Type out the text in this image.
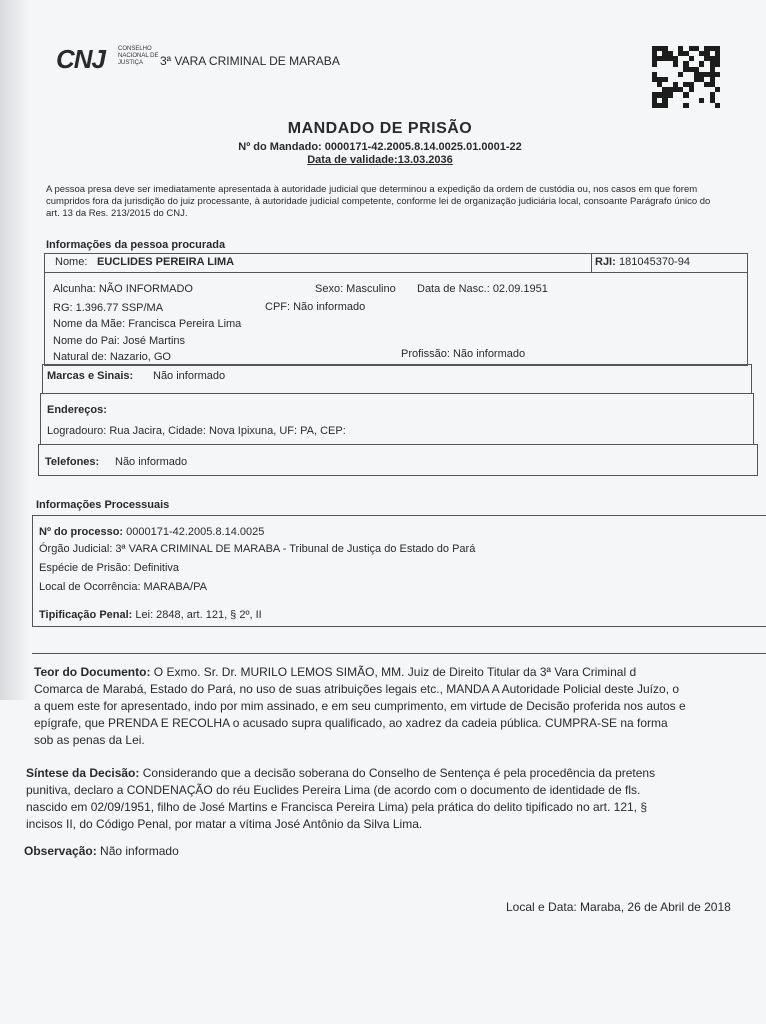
CNJ CONSELHO NACIONAL DE JUSTIÇA	3ª VARA CRIMINAL DE MARABA
MANDADO DE PRISÃO
Nº do Mandado: 0000171-42.2005.8.14.0025.01.0001-22
Data de validade:13.03.2036
A pessoa presa deve ser imediatamente apresentada à autoridade judicial que determinou a expedição da ordem de custódia ou, nos casos em que forem cumpridos fora da jurisdição do juiz processante, à autoridade judicial competente, conforme lei de organização judiciária local, consoante Parágrafo único do art. 13 da Res. 213/2015 do CNJ.
Informações da pessoa procurada
Nome: EUCLIDES PEREIRA LIMA	RJI: 181045370-94
Alcunha: NÃO INFORMADO	Sexo: Masculino Data de Nasc.: 02.09.1951
RG: 1.396.77 SSP/MA	CPF: Não informado
Nome da Mãe: Francisca Pereira Lima
Nome do Pai: José Martins
Natural de: Nazario, GO	Profissão: Não informado
Marcas e Sinais: Não informado
Endereços:
Logradouro: Rua Jacira, Cidade: Nova Ipixuna, UF: PA, CEP:
Telefones: Não informado
Informações Processuais
Nº do processo: 0000171-42.2005.8.14.0025
Órgão Judicial: 3ª VARA CRIMINAL DE MARABA - Tribunal de Justiça do Estado do Pará
Espécie de Prisão: Definitiva
Local de Ocorrência: MARABA/PA
Tipificação Penal: Lei: 2848, art. 121, § 2º, II
Teor do Documento: O Exmo. Sr. Dr. MURILO LEMOS SIMÃO, MM. Juiz de Direito Titular da 3ª Vara Criminal d
Comarca de Marabá, Estado do Pará, no uso de suas atribuições legais etc., MANDA A Autoridade Policial deste Juízo, o
a quem este for apresentado, indo por mim assinado, e em seu cumprimento, em virtude de Decisão proferida nos autos e
epígrafe, que PRENDA E RECOLHA o acusado supra qualificado, ao xadrez da cadeia pública. CUMPRA-SE na forma
sob as penas da Lei.
Síntese da Decisão: Considerando que a decisão soberana do Conselho de Sentença é pela procedência da pretens
punitiva, declaro a CONDENAÇÃO do réu Euclides Pereira Lima (de acordo com o documento de identidade de fls.
nascido em 02/09/1951, filho de José Martins e Francisca Pereira Lima) pela prática do delito tipificado no art. 121, §
incisos II, do Código Penal, por matar a vítima José Antônio da Silva Lima.
Observação: Não informado
Local e Data: Maraba, 26 de Abril de 2018
